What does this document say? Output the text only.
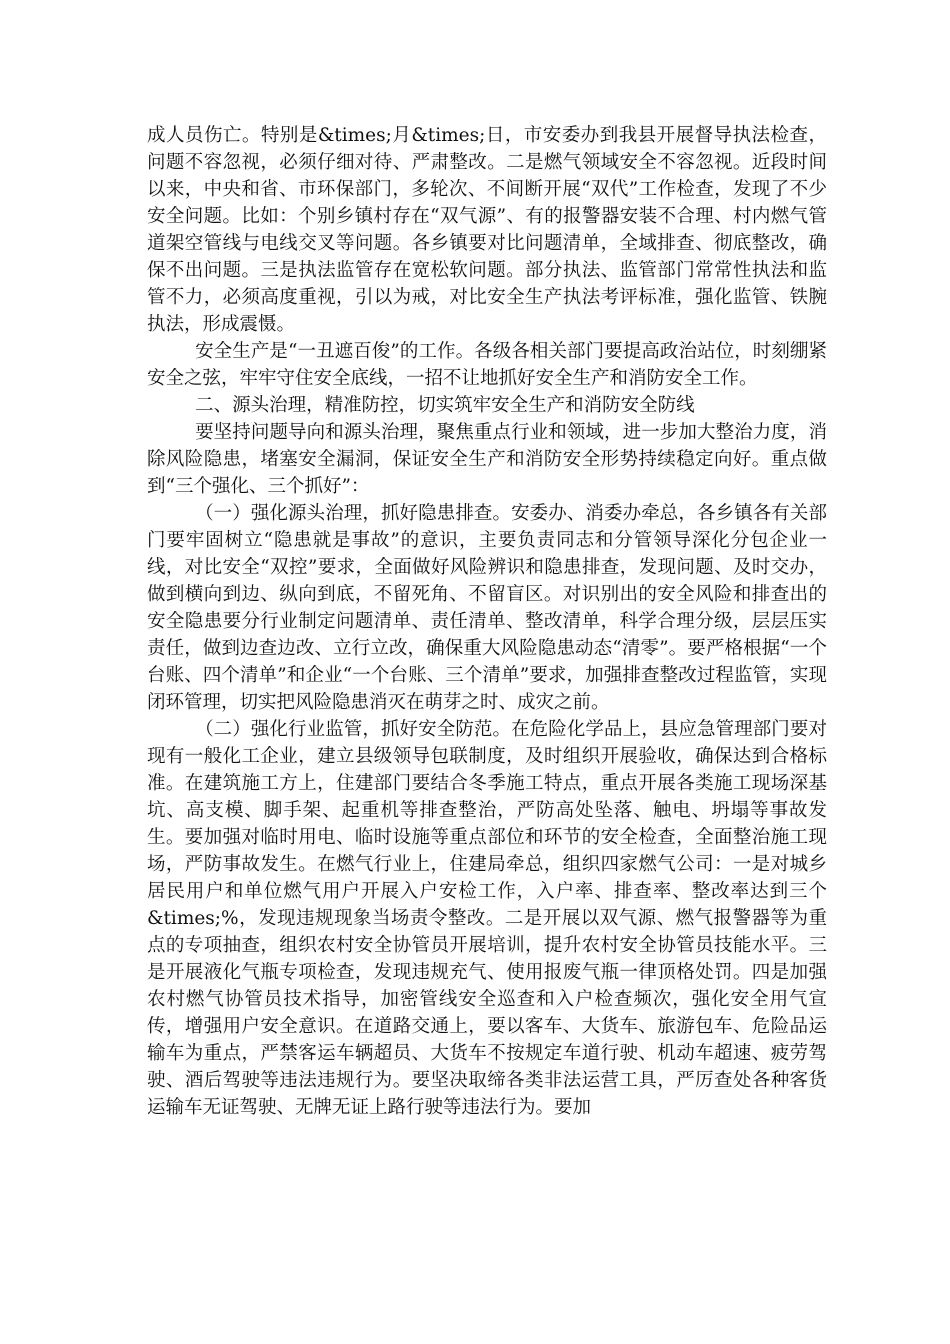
成人员伤亡。特别是&times;月&times;日，市安委办到我县开展督导执法检查，问题不容忽视，必须仔细对待、严肃整改。二是燃气领域安全不容忽视。近段时间以来，中央和省、市环保部门，多轮次、不间断开展“双代”工作检查，发现了不少安全问题。比如：个别乡镇村存在“双气源”、有的报警器安装不合理、村内燃气管道架空管线与电线交叉等问题。各乡镇要对比问题清单，全域排查、彻底整改，确保不出问题。三是执法监管存在宽松软问题。部分执法、监管部门常常性执法和监管不力，必须高度重视，引以为戒，对比安全生产执法考评标准，强化监管、铁腕执法，形成震慑。

安全生产是“一丑遮百俊”的工作。各级各相关部门要提高政治站位，时刻绷紧安全之弦，牢牢守住安全底线，一招不让地抓好安全生产和消防安全工作。

二、源头治理，精准防控，切实筑牢安全生产和消防安全防线

要坚持问题导向和源头治理，聚焦重点行业和领域，进一步加大整治力度，消除风险隐患，堵塞安全漏洞，保证安全生产和消防安全形势持续稳定向好。重点做到“三个强化、三个抓好”：

（一）强化源头治理，抓好隐患排查。安委办、消委办牵总，各乡镇各有关部门要牢固树立“隐患就是事故”的意识，主要负责同志和分管领导深化分包企业一线，对比安全“双控”要求，全面做好风险辨识和隐患排查，发现问题、及时交办，做到横向到边、纵向到底，不留死角、不留盲区。对识别出的安全风险和排查出的安全隐患要分行业制定问题清单、责任清单、整改清单，科学合理分级，层层压实责任，做到边查边改、立行立改，确保重大风险隐患动态“清零”。要严格根据“一个台账、四个清单”和企业“一个台账、三个清单”要求，加强排查整改过程监管，实现闭环管理，切实把风险隐患消灭在萌芽之时、成灾之前。

（二）强化行业监管，抓好安全防范。在危险化学品上，县应急管理部门要对现有一般化工企业，建立县级领导包联制度，及时组织开展验收，确保达到合格标准。在建筑施工方上，住建部门要结合冬季施工特点，重点开展各类施工现场深基坑、高支模、脚手架、起重机等排查整治，严防高处坠落、触电、坍塌等事故发生。要加强对临时用电、临时设施等重点部位和环节的安全检查，全面整治施工现场，严防事故发生。在燃气行业上，住建局牵总，组织四家燃气公司：一是对城乡居民用户和单位燃气用户开展入户安检工作，入户率、排查率、整改率达到三个&times;%，发现违规现象当场责令整改。二是开展以双气源、燃气报警器等为重点的专项抽查，组织农村安全协管员开展培训，提升农村安全协管员技能水平。三是开展液化气瓶专项检查，发现违规充气、使用报废气瓶一律顶格处罚。四是加强农村燃气协管员技术指导，加密管线安全巡查和入户检查频次，强化安全用气宣传，增强用户安全意识。在道路交通上，要以客车、大货车、旅游包车、危险品运输车为重点，严禁客运车辆超员、大货车不按规定车道行驶、机动车超速、疲劳驾驶、酒后驾驶等违法违规行为。要坚决取缔各类非法运营工具，严厉查处各种客货运输车无证驾驶、无牌无证上路行驶等违法行为。要加
